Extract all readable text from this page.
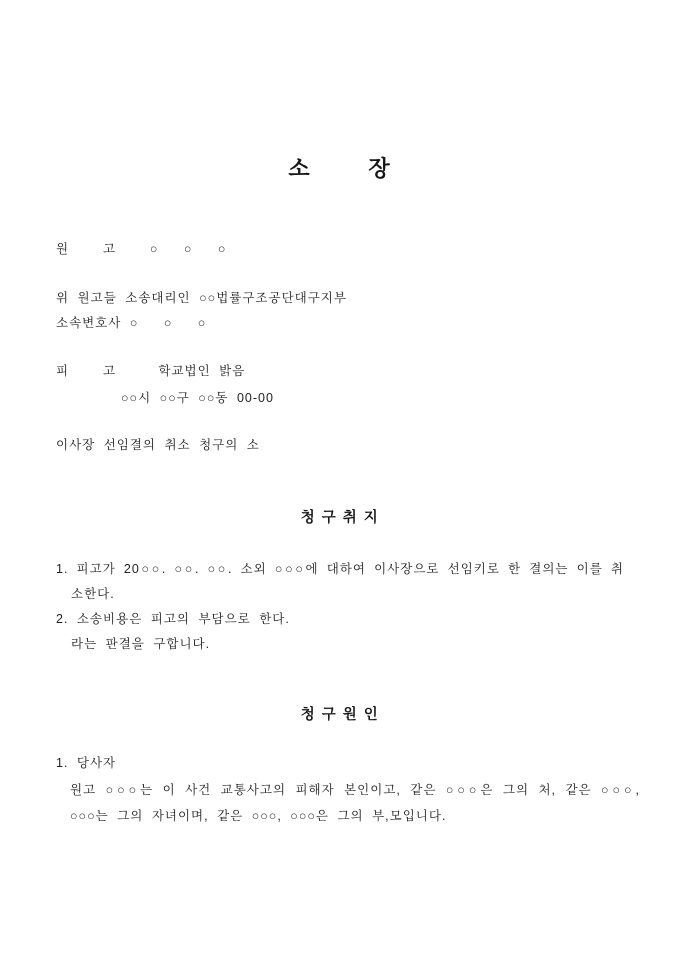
소       장
원    고    ○   ○   ○
위 원고들 소송대리인 ○○법률구조공단대구지부
소속변호사 ○   ○   ○
피    고     학교법인 밝음
○○시 ○○구 ○○동 00-00
이사장 선임결의 취소 청구의 소
청 구 취 지
1. 피고가 20○○. ○○. ○○. 소외 ○○○에 대하여 이사장으로 선임키로 한 결의는 이를 취
소한다.
2. 소송비용은 피고의 부담으로 한다.
라는 판결을 구합니다.
청 구 원 인
1. 당사자
원고 ○○○는 이 사건 교통사고의 피해자 본인이고, 같은 ○○○은 그의 처, 같은 ○○○,
○○○는 그의 자녀이며, 같은 ○○○, ○○○은 그의 부,모입니다.
